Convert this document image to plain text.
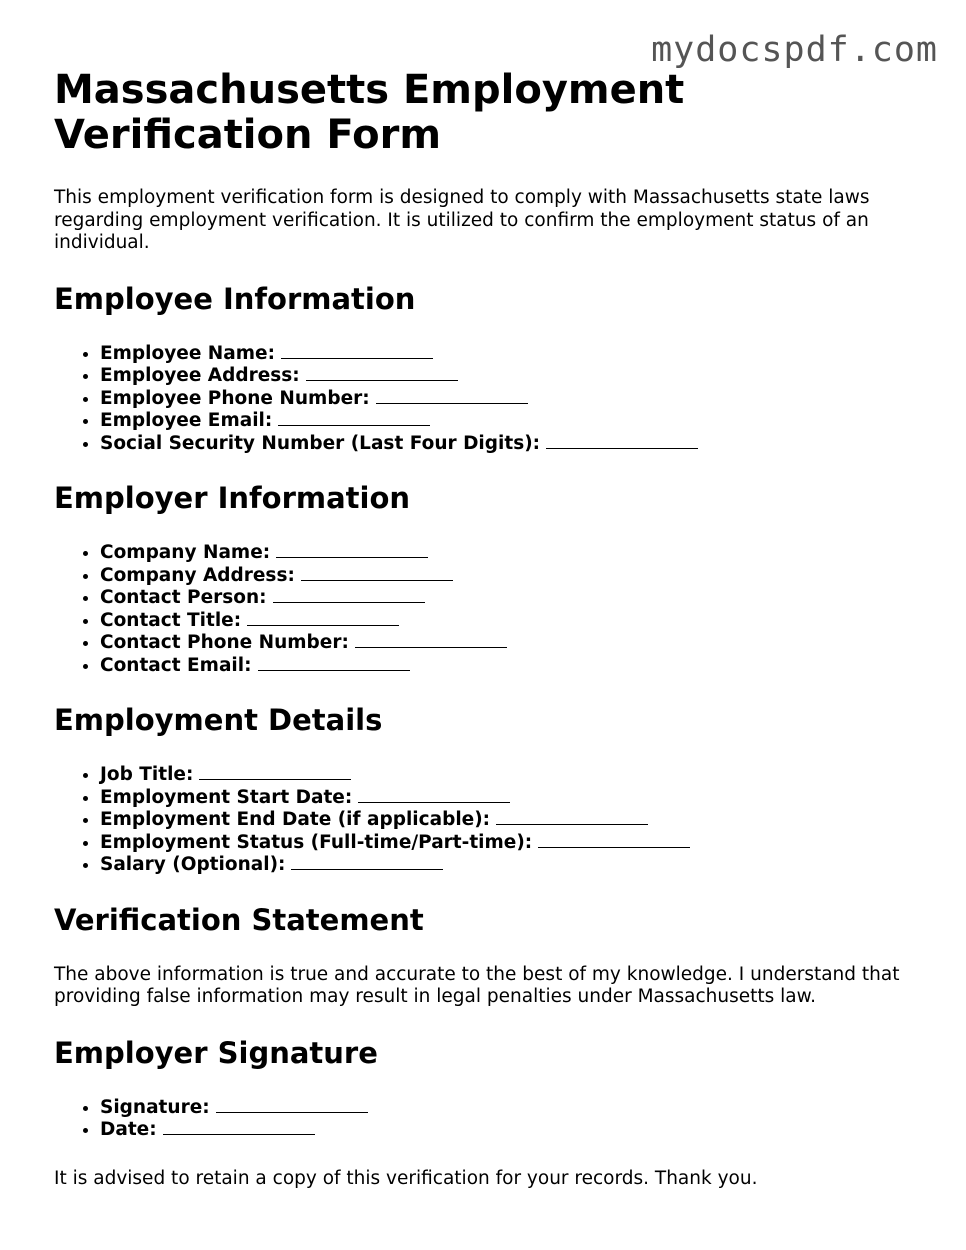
mydocspdf.com
Massachusetts Employment Verification Form

This employment verification form is designed to comply with Massachusetts state laws regarding employment verification. It is utilized to confirm the employment status of an individual.

Employee Information
• Employee Name:
• Employee Address:
• Employee Phone Number:
• Employee Email:
• Social Security Number (Last Four Digits):
Employer Information
• Company Name:
• Company Address:
• Contact Person:
• Contact Title:
• Contact Phone Number:
• Contact Email:
Employment Details
• Job Title:
• Employment Start Date:
• Employment End Date (if applicable):
• Employment Status (Full-time/Part-time):
• Salary (Optional):
Verification Statement

The above information is true and accurate to the best of my knowledge. I understand that providing false information may result in legal penalties under Massachusetts law.

Employer Signature
• Signature:
• Date:

It is advised to retain a copy of this verification for your records. Thank you.
